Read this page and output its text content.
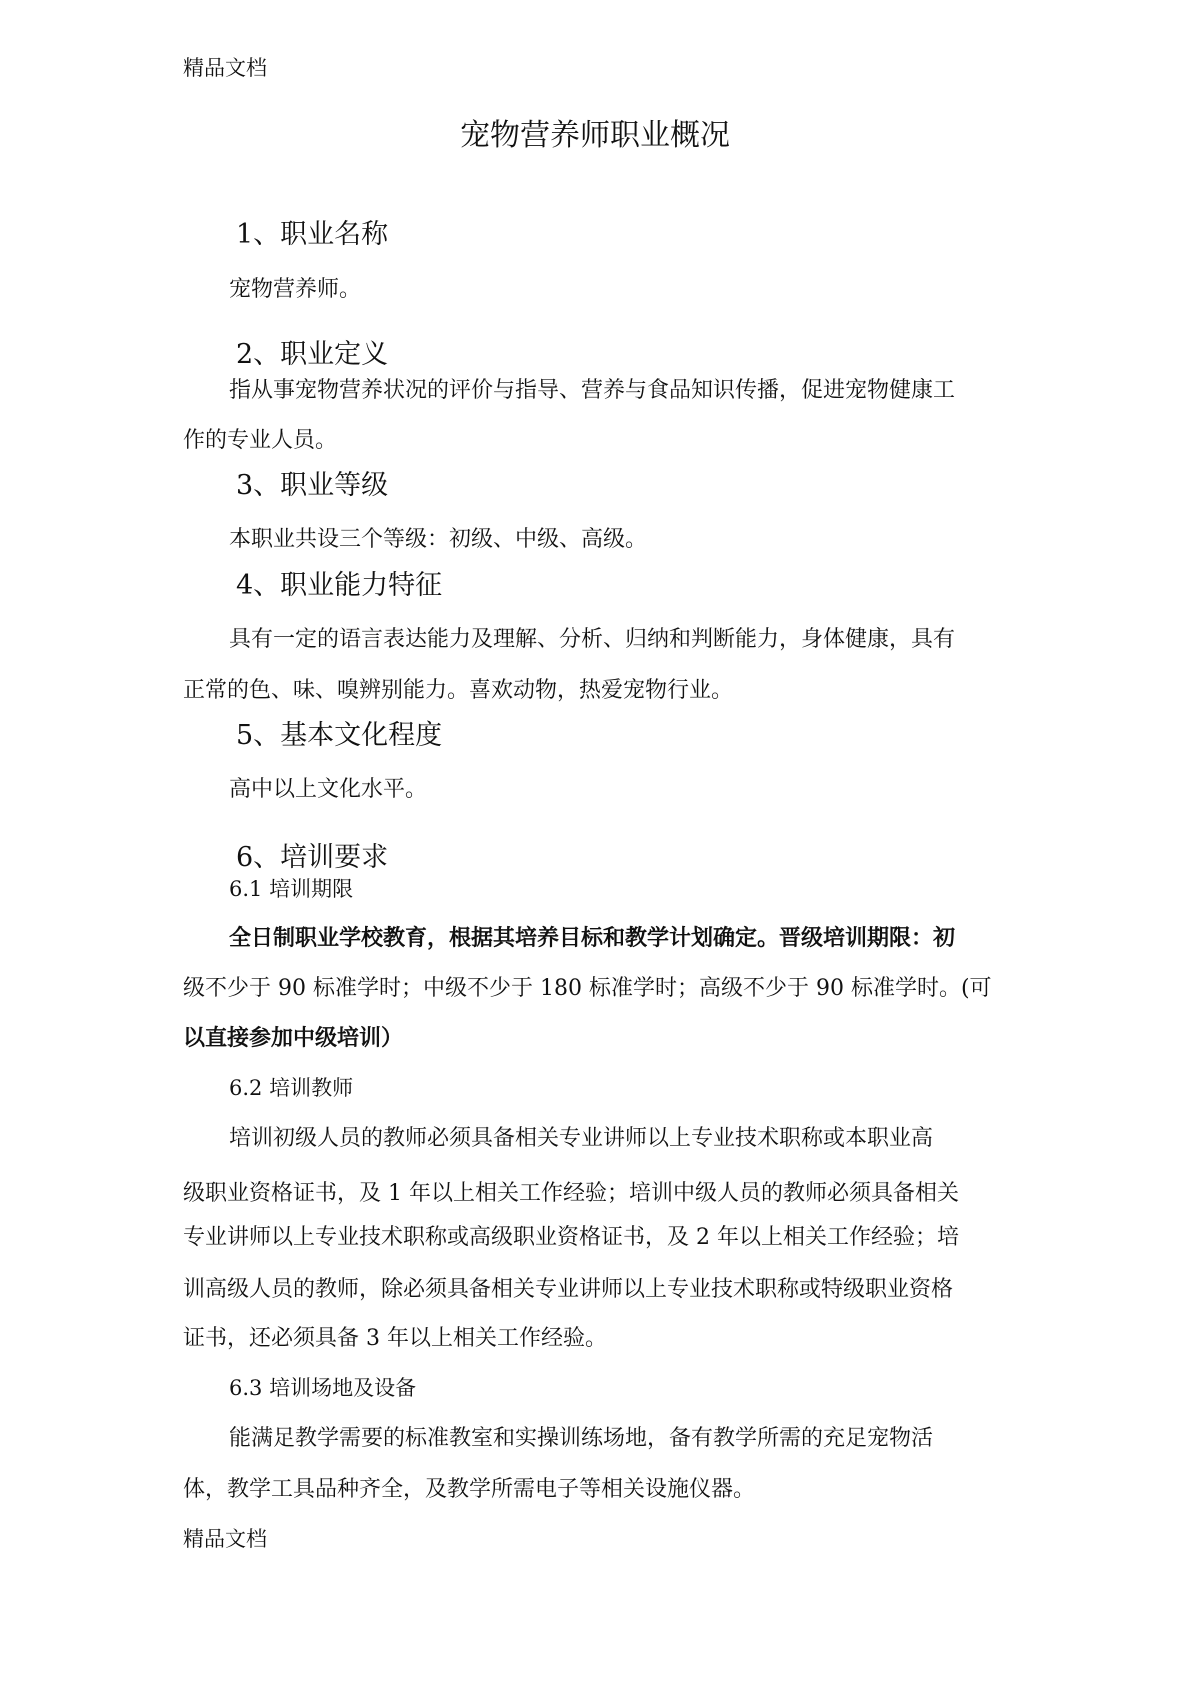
精品文档
宠物营养师职业概况
1、职业名称
宠物营养师。
2、职业定义
指从事宠物营养状况的评价与指导、营养与食品知识传播，促进宠物健康工
作的专业人员。
3、职业等级
本职业共设三个等级：初级、中级、高级。
4、职业能力特征
具有一定的语言表达能力及理解、分析、归纳和判断能力，身体健康，具有
正常的色、味、嗅辨别能力。喜欢动物，热爱宠物行业。
5、基本文化程度
高中以上文化水平。
6、培训要求
6.1 培训期限
全日制职业学校教育，根据其培养目标和教学计划确定。晋级培训期限：初
级不少于 90 标准学时；中级不少于 180 标准学时；高级不少于 90 标准学时。(可
以直接参加中级培训）
6.2 培训教师
培训初级人员的教师必须具备相关专业讲师以上专业技术职称或本职业高
级职业资格证书，及 1 年以上相关工作经验；培训中级人员的教师必须具备相关
专业讲师以上专业技术职称或高级职业资格证书，及 2 年以上相关工作经验；培
训高级人员的教师，除必须具备相关专业讲师以上专业技术职称或特级职业资格
证书，还必须具备 3 年以上相关工作经验。
6.3 培训场地及设备
能满足教学需要的标准教室和实操训练场地，备有教学所需的充足宠物活
体，教学工具品种齐全，及教学所需电子等相关设施仪器。
精品文档
